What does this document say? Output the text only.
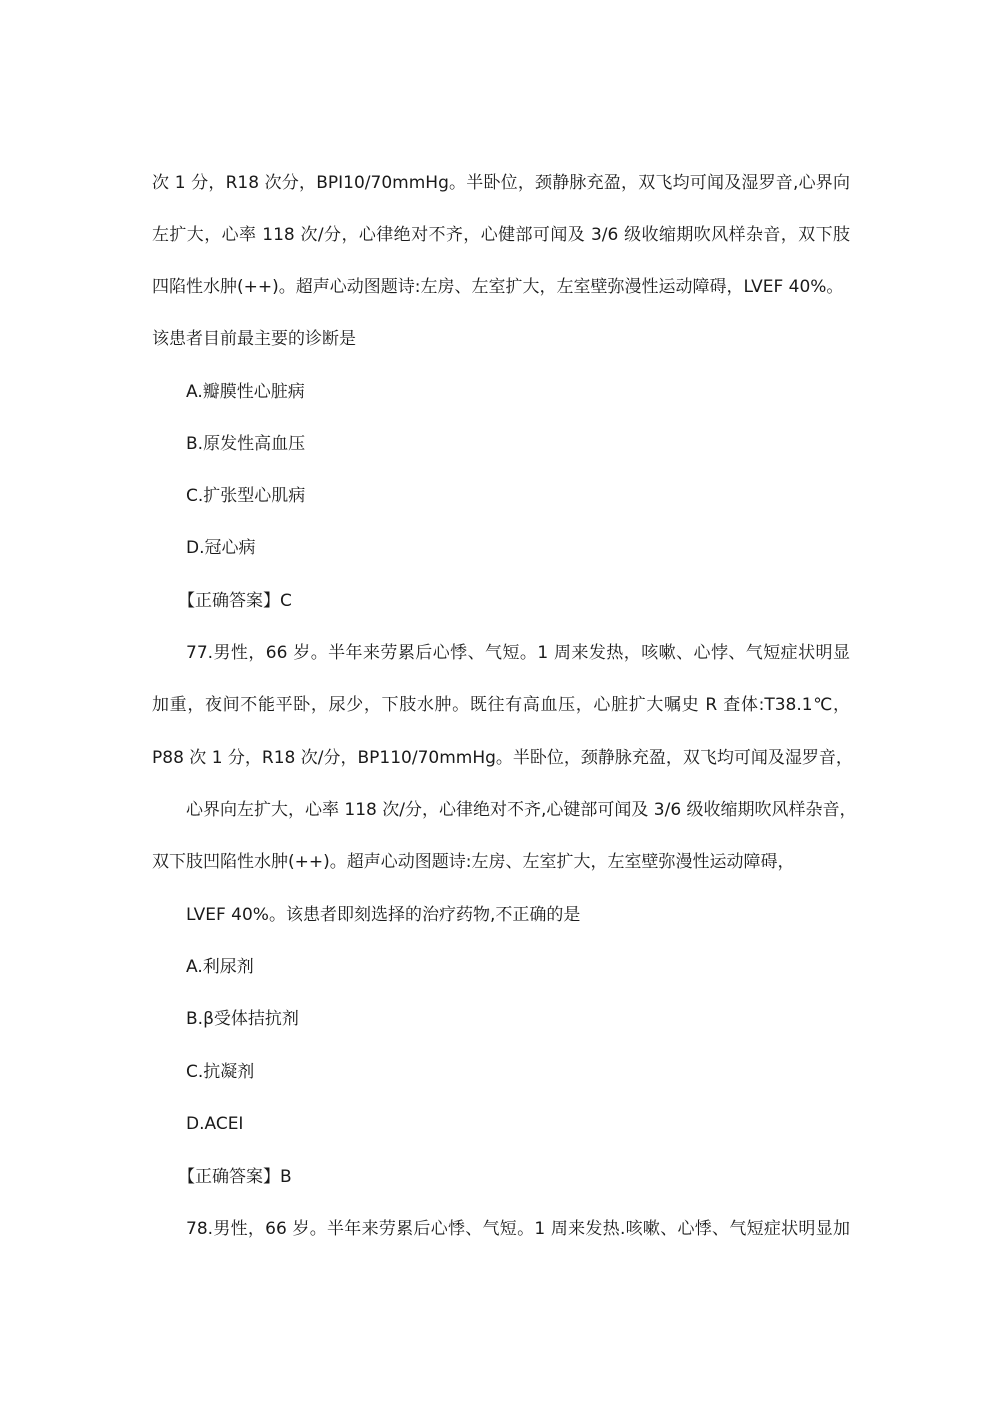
次 1 分，R18 次分，BPI10/70mmHg。半卧位，颈静脉充盈，双飞均可闻及湿罗音,心界向
左扩大，心率 118 次/分，心律绝对不齐，心健部可闻及 3/6 级收缩期吹风样杂音，双下肢
四陷性水肿(++)。超声心动图题诗:左房、左室扩大，左室壁弥漫性运动障碍，LVEF 40%。
该患者目前最主要的诊断是
A.瓣膜性心脏病
B.原发性高血压
C.扩张型心肌病
D.冠心病
【正确答案】C
77.男性，66 岁。半年来劳累后心悸、气短。1 周来发热，咳嗽、心悖、气短症状明显
加重，夜间不能平卧，尿少，下肢水肿。既往有高血压，心脏扩大嘱史 R 査体:T38.1℃，
P88 次 1 分，R18 次/分，BP110/70mmHg。半卧位，颈静脉充盈，双飞均可闻及湿罗音，
心界向左扩大，心率 118 次/分，心律绝对不齐,心键部可闻及 3/6 级收缩期吹风样杂音，
双下肢凹陷性水肿(++)。超声心动图题诗:左房、左室扩大，左室壁弥漫性运动障碍，
LVEF 40%。该患者即刻选择的治疗药物,不正确的是
A.利尿剂
B.β受体拮抗剂
C.抗凝剂
D.ACEI
【正确答案】B
78.男性，66 岁。半年来劳累后心悸、气短。1 周来发热.咳嗽、心悸、气短症状明显加
